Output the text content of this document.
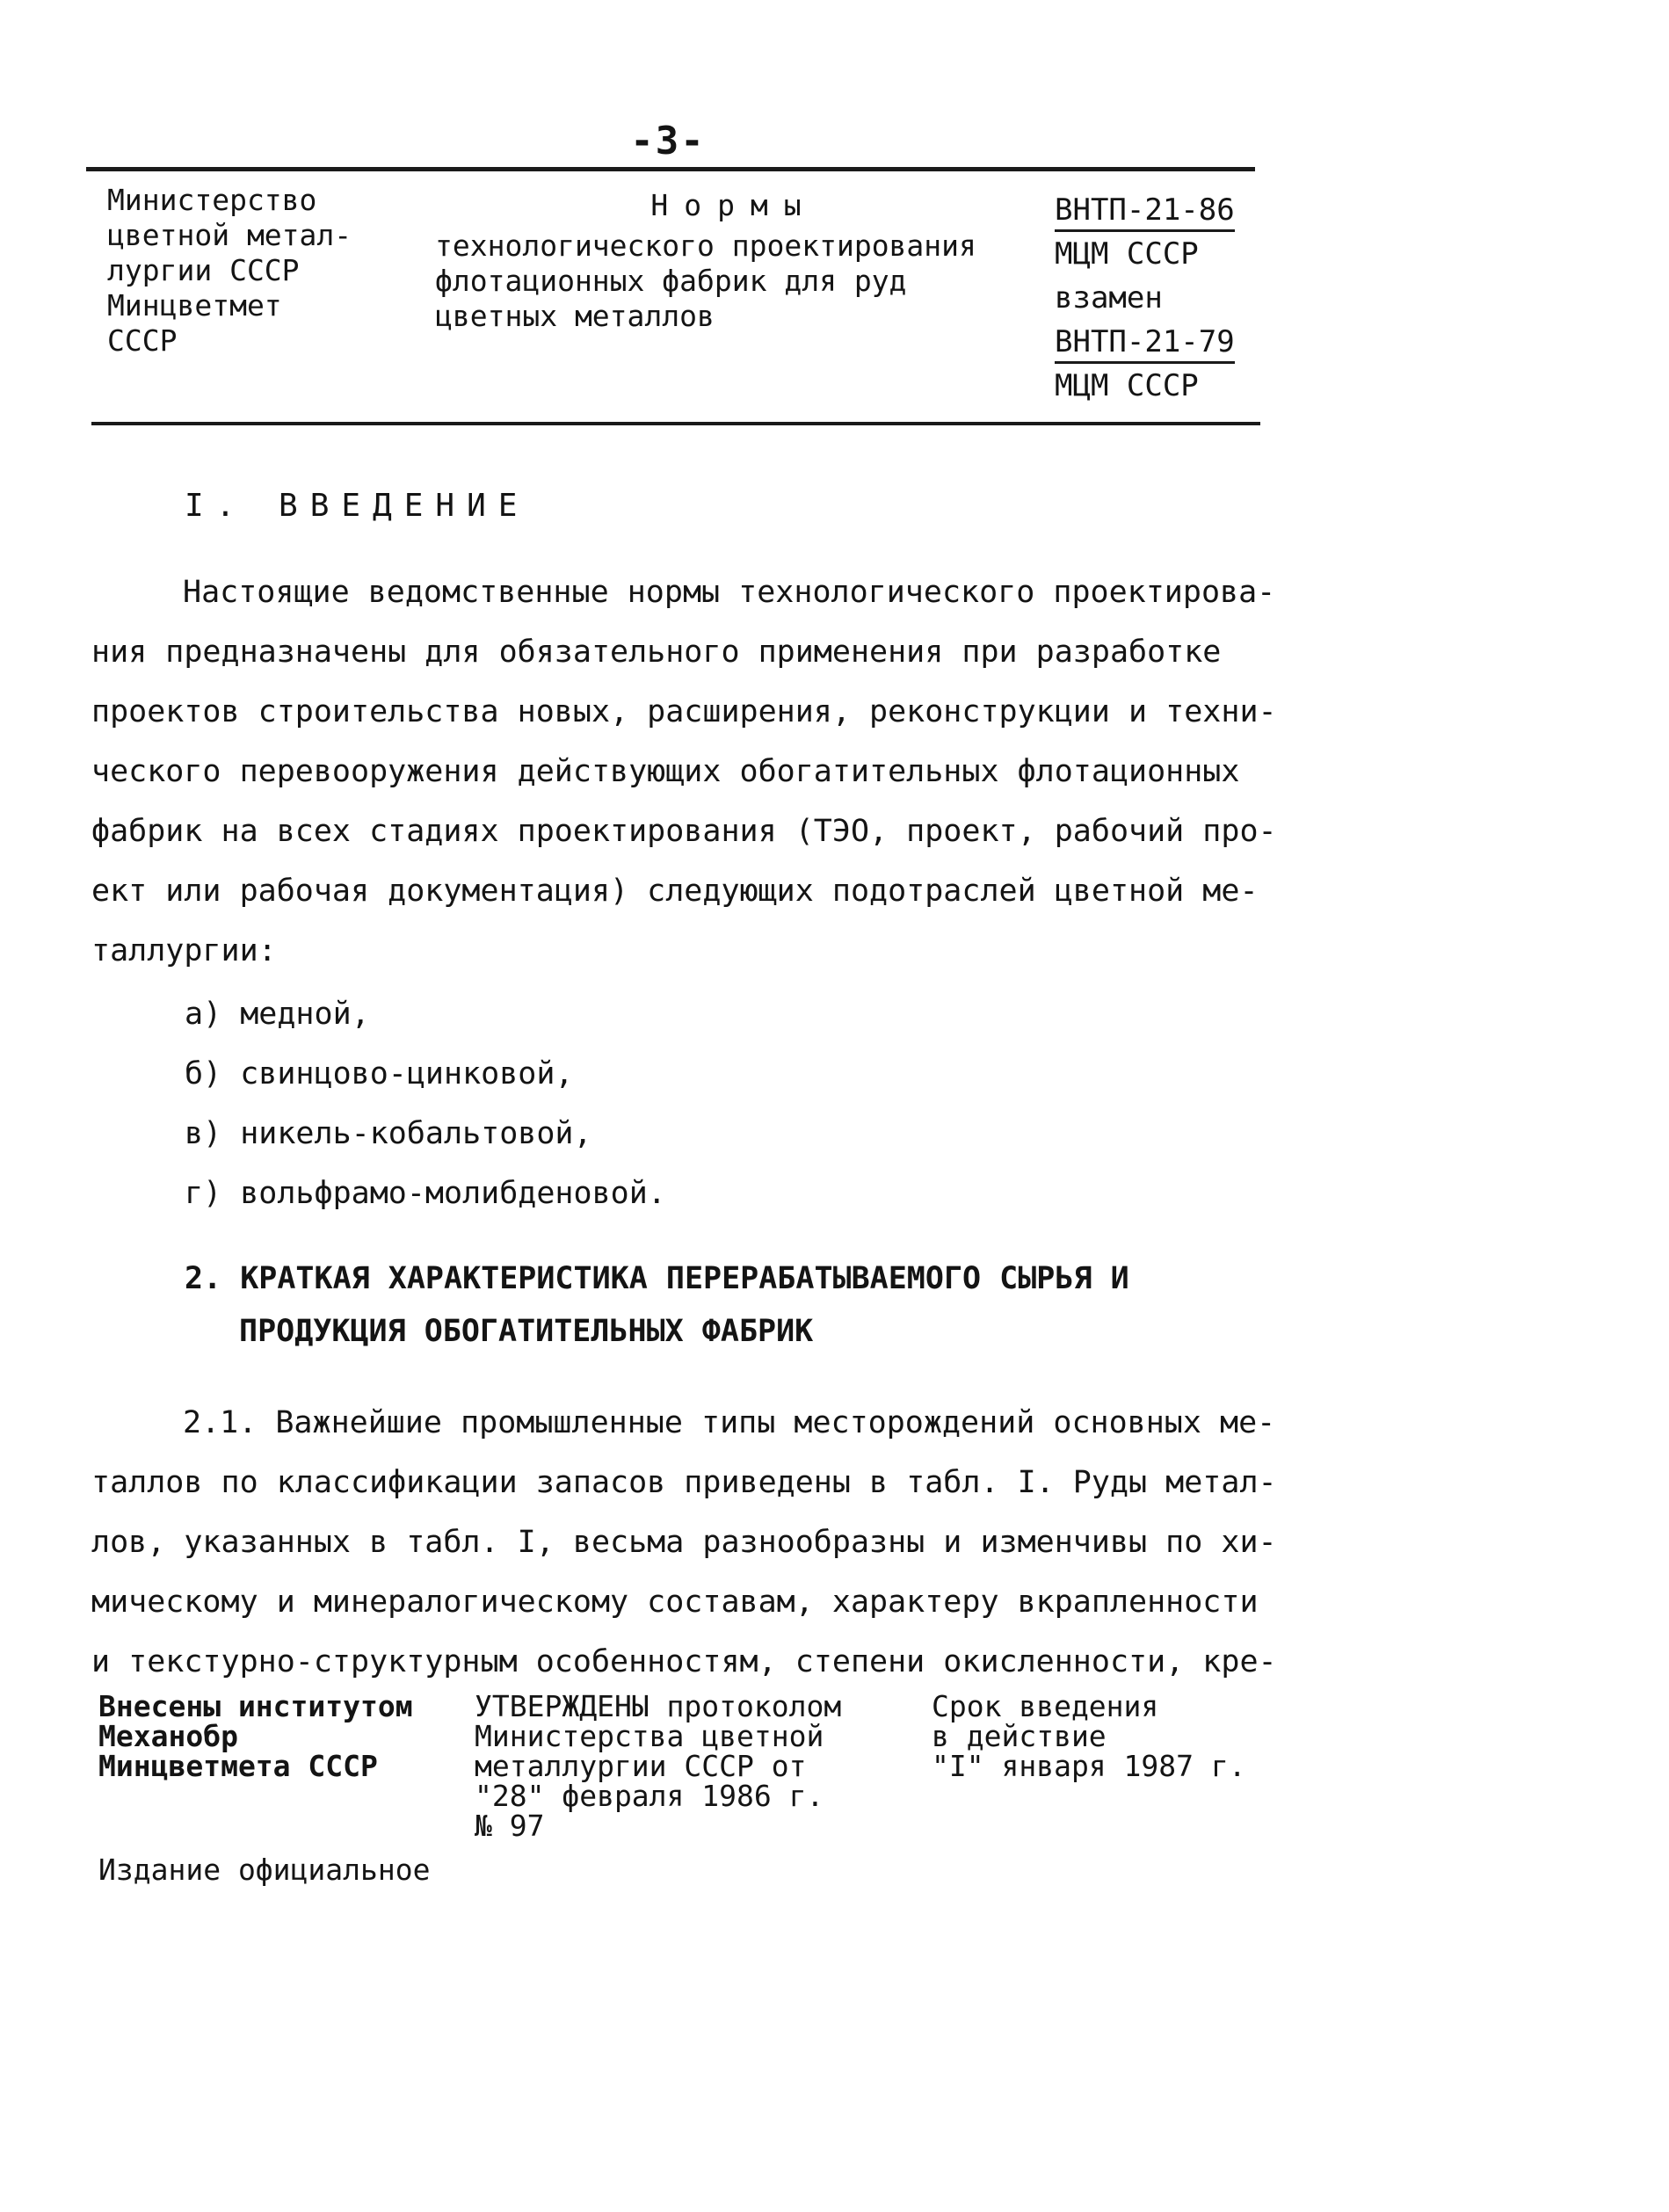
-3-
Министерство
цветной метал-
лургии СССР
Минцветмет
СССР
Нормы
технологического проектирования
флотационных фабрик для руд
цветных металлов
ВНТП-21-86
МЦМ СССР
взамен
ВНТП-21-79
МЦМ СССР
I. ВВЕДЕНИЕ
Настоящие ведомственные нормы технологического проектирова-
ния предназначены для обязательного применения при разработке
проектов строительства новых, расширения, реконструкции и техни-
ческого перевооружения действующих обогатительных флотационных
фабрик на всех стадиях проектирования (ТЭО, проект, рабочий про-
ект или рабочая документация) следующих подотраслей цветной ме-
таллургии:
а) медной,
б) свинцово-цинковой,
в) никель-кобальтовой,
г) вольфрамо-молибденовой.
2. КРАТКАЯ ХАРАКТЕРИСТИКА ПЕРЕРАБАТЫВАЕМОГО СЫРЬЯ И
ПРОДУКЦИЯ ОБОГАТИТЕЛЬНЫХ ФАБРИК
2.1. Важнейшие промышленные типы месторождений основных ме-
таллов по классификации запасов приведены в табл. I. Руды метал-
лов, указанных в табл. I, весьма разнообразны и изменчивы по хи-
мическому и минералогическому составам, характеру вкрапленности
и текстурно-структурным особенностям, степени окисленности, кре-
Внесены институтом
Механобр
Минцветмета СССР
УТВЕРЖДЕНЫ протоколом
Министерства цветной
металлургии СССР от
"28" февраля 1986 г.
№ 97
Срок введения
в действие
"I" января 1987 г.
Издание официальное
